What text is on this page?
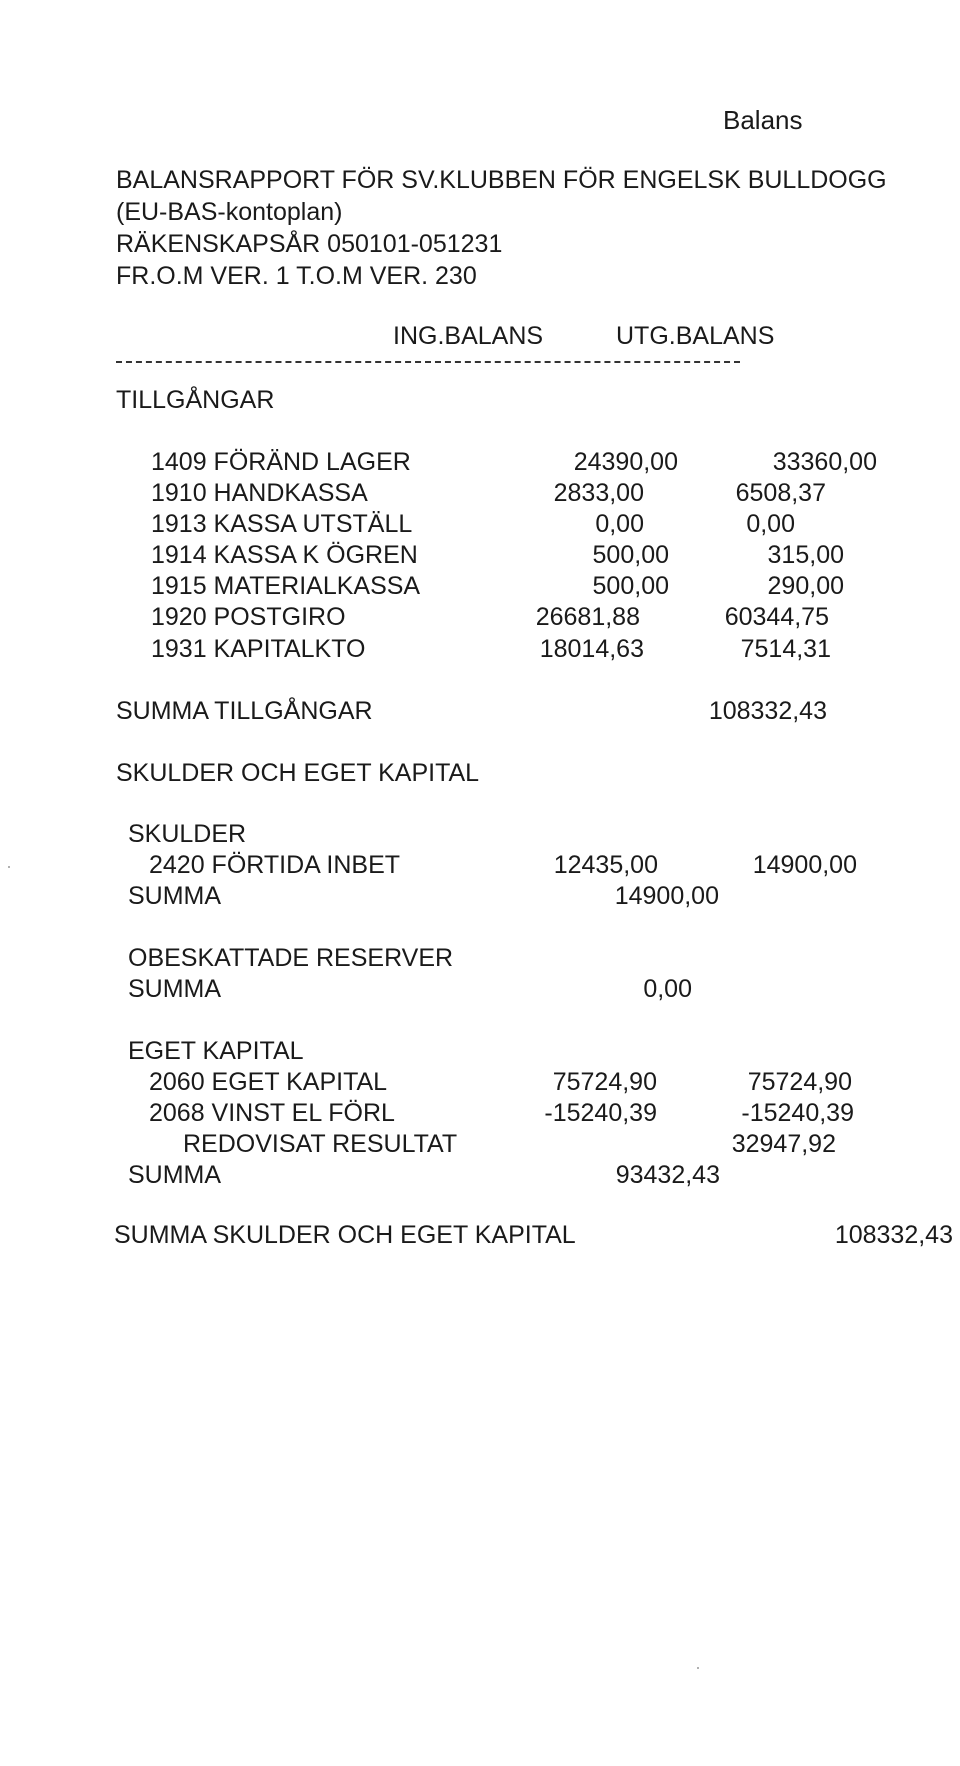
Balans
BALANSRAPPORT FÖR SV.KLUBBEN FÖR ENGELSK BULLDOGG
(EU-BAS-kontoplan)
RÄKENSKAPSÅR 050101-051231
FR.O.M VER. 1 T.O.M VER. 230
ING.BALANS	UTG.BALANS
TILLGÅNGAR
1409 FÖRÄND LAGER	24390,00	33360,00
1910 HANDKASSA	2833,00	6508,37
1913 KASSA UTSTÄLL	0,00	0,00
1914 KASSA K ÖGREN	500,00	315,00
1915 MATERIALKASSA	500,00	290,00
1920 POSTGIRO	26681,88	60344,75
1931 KAPITALKTO	18014,63	7514,31
SUMMA TILLGÅNGAR	108332,43
SKULDER OCH EGET KAPITAL
SKULDER
2420 FÖRTIDA INBET	12435,00	14900,00
SUMMA	14900,00
OBESKATTADE RESERVER
SUMMA	0,00
EGET KAPITAL
2060 EGET KAPITAL	75724,90	75724,90
2068 VINST EL FÖRL	-15240,39	-15240,39
REDOVISAT RESULTAT	32947,92
SUMMA	93432,43
SUMMA SKULDER OCH EGET KAPITAL	108332,43
